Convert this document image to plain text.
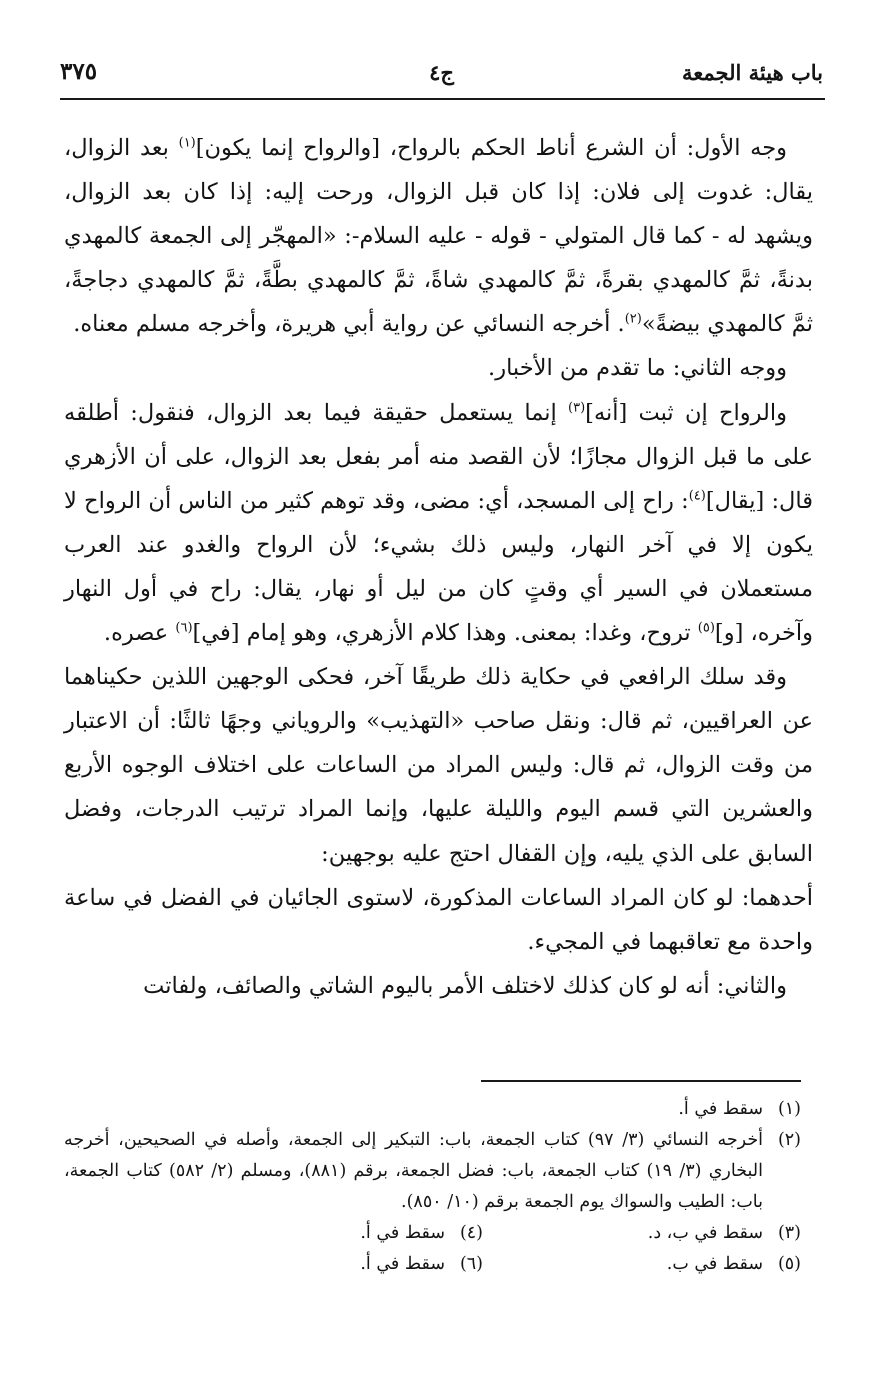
باب هيئة الجمعة
ج٤
٣٧٥

وجه الأول: أن الشرع أناط الحكم بالرواح، [والرواح إنما يكون]$^{(١)}$ بعد الزوال، يقال: غدوت إلى فلان: إذا كان قبل الزوال، ورحت إليه: إذا كان بعد الزوال، ويشهد له - كما قال المتولي - قوله - عليه السلام-: «المهجّر إلى الجمعة كالمهدي بدنةً، ثمَّ كالمهدي بقرةً، ثمَّ كالمهدي شاةً، ثمَّ كالمهدي بطَّةً، ثمَّ كالمهدي دجاجةً، ثمَّ كالمهدي بيضةً»$^{(٢)}$. أخرجه النسائي عن رواية أبي هريرة، وأخرجه مسلم معناه.

ووجه الثاني: ما تقدم من الأخبار.

والرواح إن ثبت [أنه]$^{(٣)}$ إنما يستعمل حقيقة فيما بعد الزوال، فنقول: أطلقه على ما قبل الزوال مجازًا؛ لأن القصد منه أمر بفعل بعد الزوال، على أن الأزهري قال: [يقال]$^{(٤)}$: راح إلى المسجد، أي: مضى، وقد توهم كثير من الناس أن الرواح لا يكون إلا في آخر النهار، وليس ذلك بشيء؛ لأن الرواح والغدو عند العرب مستعملان في السير أي وقتٍ كان من ليل أو نهار، يقال: راح في أول النهار وآخره، [و]$^{(٥)}$ تروح، وغدا: بمعنى. وهذا كلام الأزهري، وهو إمام [في]$^{(٦)}$ عصره.

وقد سلك الرافعي في حكاية ذلك طريقًا آخر، فحكى الوجهين اللذين حكيناهما عن العراقيين، ثم قال: ونقل صاحب «التهذيب» والروياني وجهًا ثالثًا: أن الاعتبار من وقت الزوال، ثم قال: وليس المراد من الساعات على اختلاف الوجوه الأربع والعشرين التي قسم اليوم والليلة عليها، وإنما المراد ترتيب الدرجات، وفضل السابق على الذي يليه، وإن القفال احتج عليه بوجهين:

أحدهما: لو كان المراد الساعات المذكورة، لاستوى الجائيان في الفضل في ساعة واحدة مع تعاقبهما في المجيء.

والثاني: أنه لو كان كذلك لاختلف الأمر باليوم الشاتي والصائف، ولفاتت

(١)
سقط في أ.
(٢)
أخرجه النسائي (٣/ ٩٧) كتاب الجمعة، باب: التبكير إلى الجمعة، وأصله في الصحيحين، أخرجه البخاري (٣/ ١٩) كتاب الجمعة، باب: فضل الجمعة، برقم (٨٨١)، ومسلم (٢/ ٥٨٢) كتاب الجمعة، باب: الطيب والسواك يوم الجمعة برقم (١٠/ ٨٥٠).
(٣)
سقط في ب، د.
(٤)
سقط في أ.
(٥)
سقط في ب.
(٦)
سقط في أ.
